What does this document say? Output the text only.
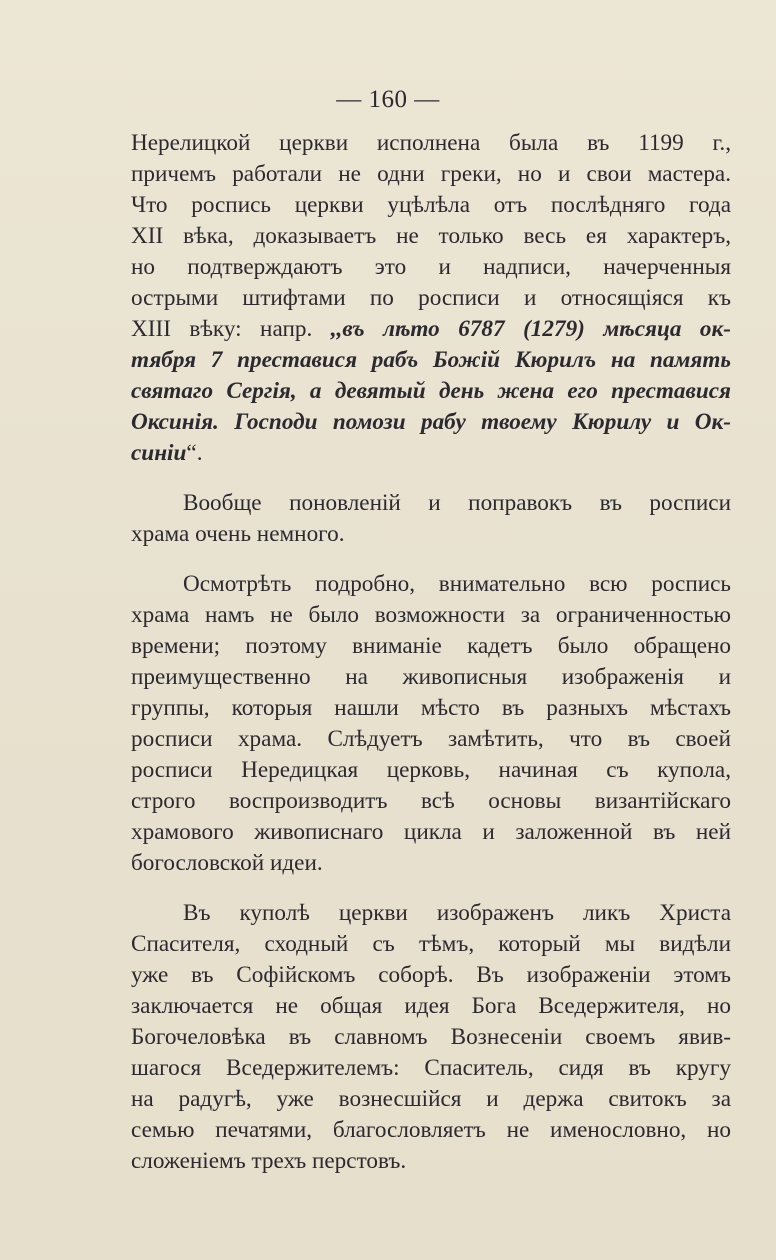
— 160 —
Нерелицкой церкви исполнена была въ 1199 г.,
причемъ работали не одни греки, но и свои мастера.
Что роспись церкви уцѣлѣла отъ послѣдняго года
XII вѣка, доказываетъ не только весь ея характеръ,
но подтверждаютъ это и надписи, начерченныя
острыми штифтами по росписи и относящіяся къ
XIII вѣку: напр. ,,въ лѣто 6787 (1279) мѣсяца ок-
тября 7 преставися рабъ Божій Кюрилъ на память
святаго Сергія, а девятый день жена его преставися
Оксинія. Господи помози рабу твоему Кюрилу и Ок-
синіи“.
Вообще поновленій и поправокъ въ росписи
храма очень немного.
Осмотрѣть подробно, внимательно всю роспись
храма намъ не было возможности за ограниченностью
времени; поэтому вниманіе кадетъ было обращено
преимущественно на живописныя изображенія и
группы, которыя нашли мѣсто въ разныхъ мѣстахъ
росписи храма. Слѣдуетъ замѣтить, что въ своей
росписи Нередицкая церковь, начиная съ купола,
строго воспроизводитъ всѣ основы византійскаго
храмового живописнаго цикла и заложенной въ ней
богословской идеи.
Въ куполѣ церкви изображенъ ликъ Христа
Спасителя, сходный съ тѣмъ, который мы видѣли
уже въ Софійскомъ соборѣ. Въ изображеніи этомъ
заключается не общая идея Бога Вседержителя, но
Богочеловѣка въ славномъ Вознесеніи своемъ явив-
шагося Вседержителемъ: Спаситель, сидя въ кругу
на радугѣ, уже вознесшійся и держа свитокъ за
семью печатями, благословляетъ не именословно, но
сложеніемъ трехъ перстовъ.
